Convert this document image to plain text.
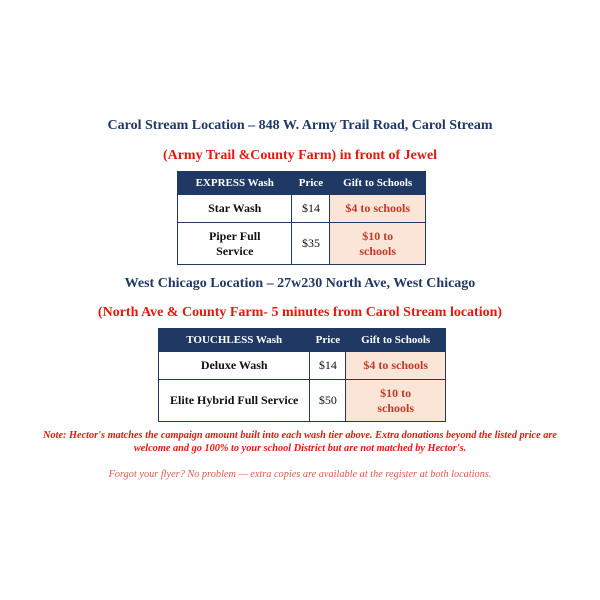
Carol Stream Location – 848 W. Army Trail Road, Carol Stream
(Army Trail &County Farm) in front of Jewel
EXPRESS Wash	Price	Gift to Schools
Star Wash	$14	$4 to schools
Piper Full
Service	$35	$10 to
schools
West Chicago Location – 27w230 North Ave, West Chicago
(North Ave & County Farm- 5 minutes from Carol Stream location)
TOUCHLESS Wash	Price	Gift to Schools
Deluxe Wash	$14	$4 to schools
Elite Hybrid Full Service	$50	$10 to
schools
Note: Hector's matches the campaign amount built into each wash tier above. Extra donations beyond the listed price are
welcome and go 100% to your school District but are not matched by Hector's.
Forgot your flyer? No problem — extra copies are available at the register at both locations.
